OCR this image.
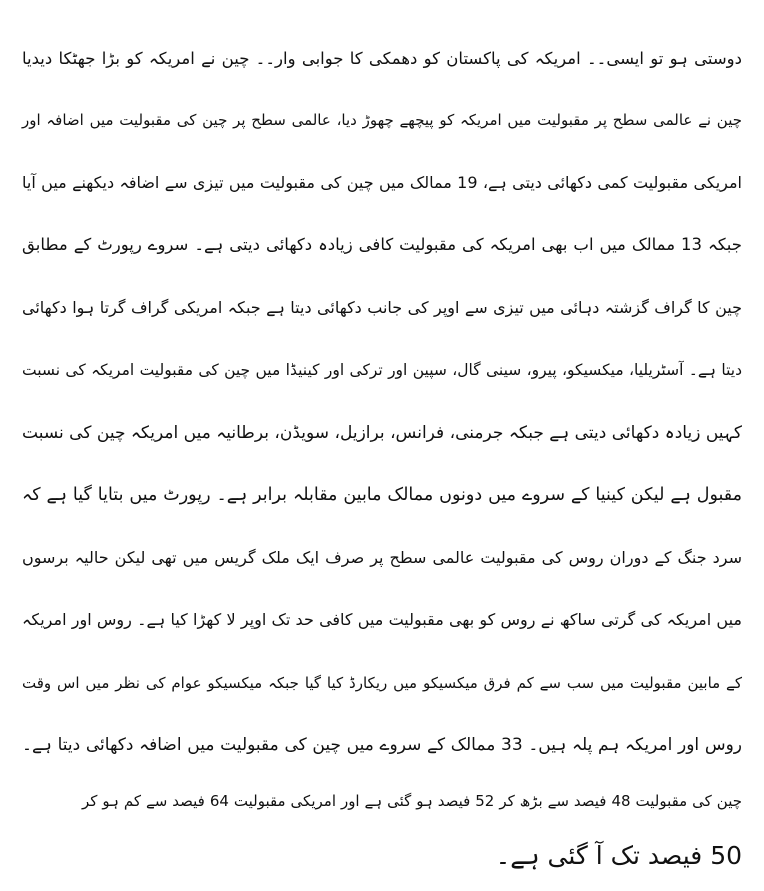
دوستی ہو تو ایسی۔۔ امریکہ کی پاکستان کو دھمکی کا جوابی وار۔۔ چین نے امریکہ کو بڑا جھٹکا دیدیا
چین نے عالمی سطح پر مقبولیت میں امریکہ کو پیچھے چھوڑ دیا، عالمی سطح پر چین کی مقبولیت میں اضافہ اور
امریکی مقبولیت کمی دکھائی دیتی ہے، 19 ممالک میں چین کی مقبولیت میں تیزی سے اضافہ دیکھنے میں آیا
جبکہ 13 ممالک میں اب بھی امریکہ کی مقبولیت کافی زیادہ دکھائی دیتی ہے۔ سروے رپورٹ کے مطابق
چین کا گراف گزشتہ دہائی میں تیزی سے اوپر کی جانب دکھائی دیتا ہے جبکہ امریکی گراف گرتا ہوا دکھائی
دیتا ہے۔ آسٹریلیا، میکسیکو، پیرو، سینی گال، سپین اور ترکی اور کینیڈا میں چین کی مقبولیت امریکہ کی نسبت
کہیں زیادہ دکھائی دیتی ہے جبکہ جرمنی، فرانس، برازیل، سویڈن، برطانیہ میں امریکہ چین کی نسبت
مقبول ہے لیکن کینیا کے سروے میں دونوں ممالک مابین مقابلہ برابر ہے۔ رپورٹ میں بتایا گیا ہے کہ
سرد جنگ کے دوران روس کی مقبولیت عالمی سطح پر صرف ایک ملک گریس میں تھی لیکن حالیہ برسوں
میں امریکہ کی گرتی ساکھ نے روس کو بھی مقبولیت میں کافی حد تک اوپر لا کھڑا کیا ہے۔ روس اور امریکہ
کے مابین مقبولیت میں سب سے کم فرق میکسیکو میں ریکارڈ کیا گیا جبکہ میکسیکو عوام کی نظر میں اس وقت
روس اور امریکہ ہم پلہ ہیں۔ 33 ممالک کے سروے میں چین کی مقبولیت میں اضافہ دکھائی دیتا ہے۔
چین کی مقبولیت 48 فیصد سے بڑھ کر 52 فیصد ہو گئی ہے اور امریکی مقبولیت 64 فیصد سے کم ہو کر
50 فیصد تک آ گئی ہے۔
